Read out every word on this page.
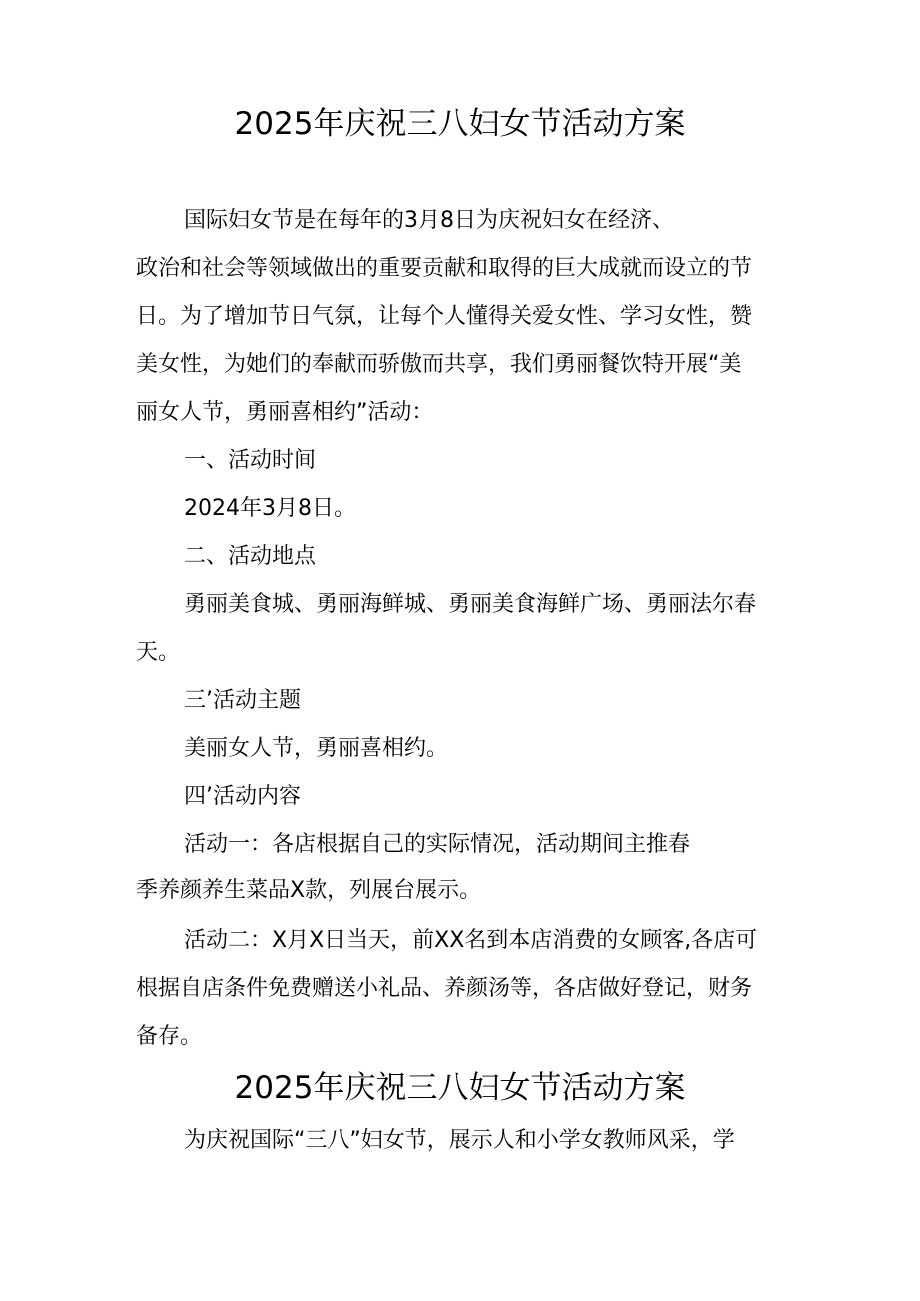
2025年庆祝三八妇女节活动方案
国际妇女节是在每年的3月8日为庆祝妇女在经济、
政治和社会等领域做出的重要贡献和取得的巨大成就而设立的节
日。为了增加节日气氛，让每个人懂得关爱女性、学习女性，赞
美女性，为她们的奉献而骄傲而共享，我们勇丽餐饮特开展“美
丽女人节，勇丽喜相约”活动：
一、活动时间
2024年3月8日。
二、活动地点
勇丽美食城、勇丽海鲜城、勇丽美食海鲜广场、勇丽法尔春
天。
三’活动主题
美丽女人节，勇丽喜相约。
四’活动内容
活动一：各店根据自己的实际情况，活动期间主推春
季养颜养生菜品X款，列展台展示。
活动二：X月X日当天，前XX名到本店消费的女顾客,各店可
根据自店条件免费赠送小礼品、养颜汤等，各店做好登记，财务
备存。
2025年庆祝三八妇女节活动方案
为庆祝国际“三八”妇女节，展示人和小学女教师风采，学
